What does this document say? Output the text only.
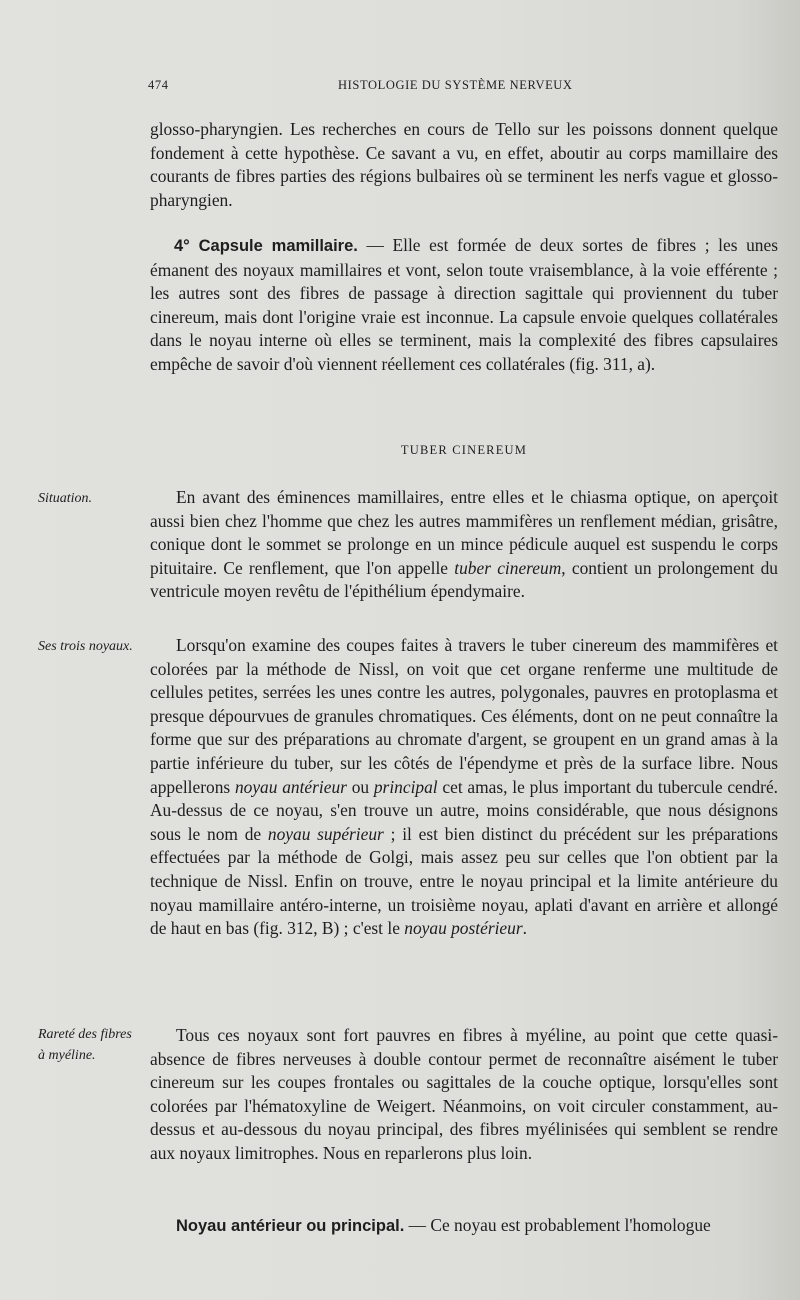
474	HISTOLOGIE DU SYSTÈME NERVEUX

glosso-pharyngien. Les recherches en cours de Tello sur les poissons donnent quelque fondement à cette hypothèse. Ce savant a vu, en effet, aboutir au corps mamillaire des courants de fibres parties des régions bulbaires où se terminent les nerfs vague et glosso-pharyngien.

4° Capsule mamillaire. — Elle est formée de deux sortes de fibres ; les unes émanent des noyaux mamillaires et vont, selon toute vraisemblance, à la voie efférente ; les autres sont des fibres de passage à direction sagittale qui proviennent du tuber cinereum, mais dont l'origine vraie est inconnue. La capsule envoie quelques collatérales dans le noyau interne où elles se terminent, mais la complexité des fibres capsulaires empêche de savoir d'où viennent réellement ces collatérales (fig. 311, a).

TUBER CINEREUM
Situation.	En avant des éminences mamillaires, entre elles et le chiasma optique, on aperçoit aussi bien chez l'homme que chez les autres mammifères un renflement médian, grisâtre, conique dont le sommet se prolonge en un mince pédicule auquel est suspendu le corps pituitaire. Ce renflement, que l'on appelle tuber cinereum, contient un prolongement du ventricule moyen revêtu de l'épithélium épendymaire.

Ses trois noyaux.	Lorsqu'on examine des coupes faites à travers le tuber cinereum des mammifères et colorées par la méthode de Nissl, on voit que cet organe renferme une multitude de cellules petites, serrées les unes contre les autres, polygonales, pauvres en protoplasma et presque dépourvues de granules chromatiques. Ces éléments, dont on ne peut connaître la forme que sur des préparations au chromate d'argent, se groupent en un grand amas à la partie inférieure du tuber, sur les côtés de l'épendyme et près de la surface libre. Nous appellerons noyau antérieur ou principal cet amas, le plus important du tubercule cendré. Au-dessus de ce noyau, s'en trouve un autre, moins considérable, que nous désignons sous le nom de noyau supérieur ; il est bien distinct du précédent sur les préparations effectuées par la méthode de Golgi, mais assez peu sur celles que l'on obtient par la technique de Nissl. Enfin on trouve, entre le noyau principal et la limite antérieure du noyau mamillaire antéro-interne, un troisième noyau, aplati d'avant en arrière et allongé de haut en bas (fig. 312, B) ; c'est le noyau postérieur.

Rareté des fibres à myéline.

Tous ces noyaux sont fort pauvres en fibres à myéline, au point que cette quasi-absence de fibres nerveuses à double contour permet de reconnaître aisément le tuber cinereum sur les coupes frontales ou sagittales de la couche optique, lorsqu'elles sont colorées par l'hématoxyline de Weigert. Néanmoins, on voit circuler constamment, au-dessus et au-dessous du noyau principal, des fibres myélinisées qui semblent se rendre aux noyaux limitrophes. Nous en reparlerons plus loin.

Noyau antérieur ou principal. — Ce noyau est probablement l'homologue
